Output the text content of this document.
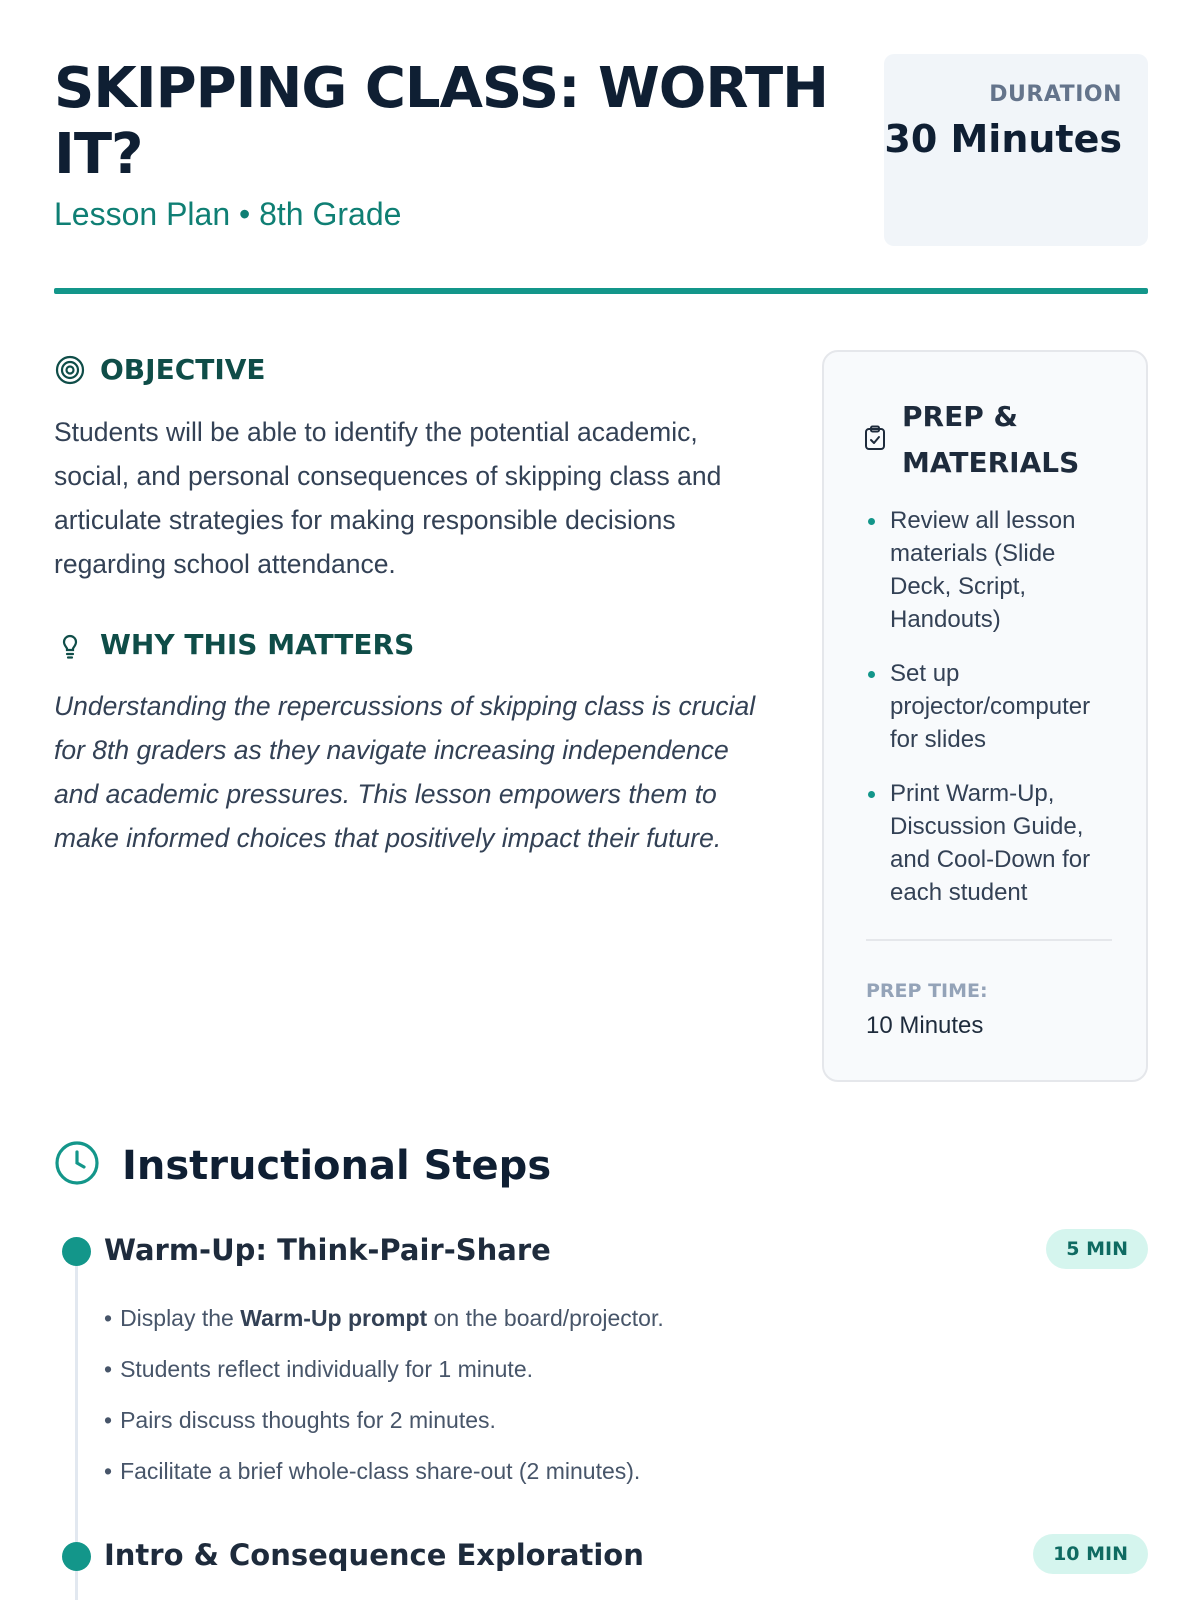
SKIPPING CLASS: WORTH IT?
Lesson Plan • 8th Grade
DURATION
30 Minutes
OBJECTIVE

Students will be able to identify the potential academic, social, and personal consequences of skipping class and articulate strategies for making responsible decisions regarding school attendance.

WHY THIS MATTERS

Understanding the repercussions of skipping class is crucial for 8th graders as they navigate increasing independence and academic pressures. This lesson empowers them to make informed choices that positively impact their future.

PREP & MATERIALS
Review all lesson materials (Slide Deck, Script, Handouts)
Set up projector/computer for slides
Print Warm-Up, Discussion Guide, and Cool-Down for each student
PREP TIME:
10 Minutes
Instructional Steps
Warm-Up: Think-Pair-Share	5 MIN
• Display the Warm-Up prompt on the board/projector.
• Students reflect individually for 1 minute.
• Pairs discuss thoughts for 2 minutes.
• Facilitate a brief whole-class share-out (2 minutes).
Intro & Consequence Exploration	10 MIN
